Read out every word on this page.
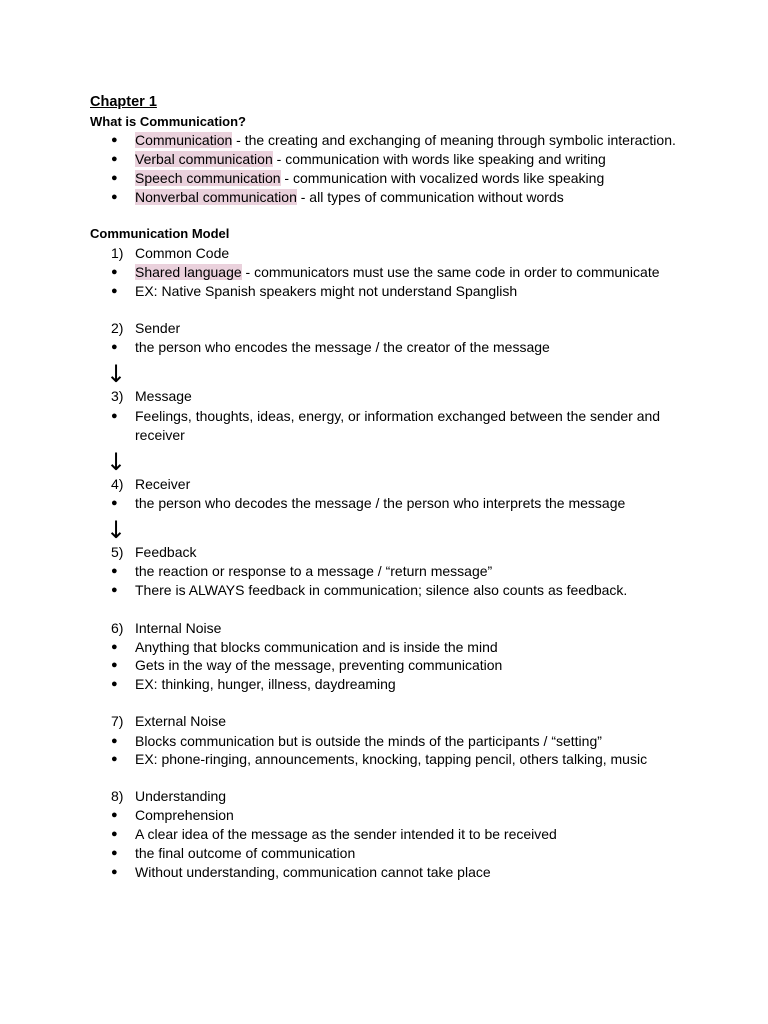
Chapter 1
What is Communication?
●	Communication - the creating and exchanging of meaning through symbolic interaction.
●	Verbal communication - communication with words like speaking and writing
●	Speech communication - communication with vocalized words like speaking
●	Nonverbal communication - all types of communication without words
Communication Model
1) Common Code
●	Shared language - communicators must use the same code in order to communicate
●	EX: Native Spanish speakers might not understand Spanglish
2) Sender
●	the person who encodes the message / the creator of the message
↓
3) Message
●	Feelings, thoughts, ideas, energy, or information exchanged between the sender and
receiver
↓
4) Receiver
●	the person who decodes the message / the person who interprets the message
↓
5) Feedback
●	the reaction or response to a message / “return message”
●	There is ALWAYS feedback in communication; silence also counts as feedback.
6) Internal Noise
●	Anything that blocks communication and is inside the mind
●	Gets in the way of the message, preventing communication
●	EX: thinking, hunger, illness, daydreaming
7) External Noise
●	Blocks communication but is outside the minds of the participants / “setting”
●	EX: phone-ringing, announcements, knocking, tapping pencil, others talking, music
8) Understanding
●	Comprehension
●	A clear idea of the message as the sender intended it to be received
●	the final outcome of communication
●	Without understanding, communication cannot take place
